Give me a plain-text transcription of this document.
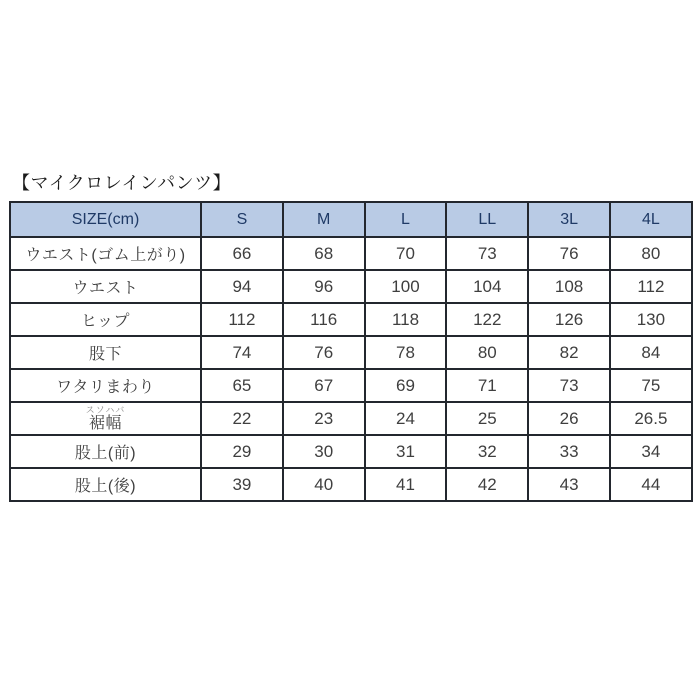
【マイクロレインパンツ】
SIZE(cm)	S	M	L	LL	3L	4L
ウエスト(ゴム上がり)	66	68	70	73	76	80
ウエスト	94	96	100	104	108	112
ヒップ	112	116	118	122	126	130
股下	74	76	78	80	82	84
ワタリまわり	65	67	69	71	73	75

スソハバ
裾幅	22	23	24	25	26	26.5
股上(前)	29	30	31	32	33	34
股上(後)	39	40	41	42	43	44
